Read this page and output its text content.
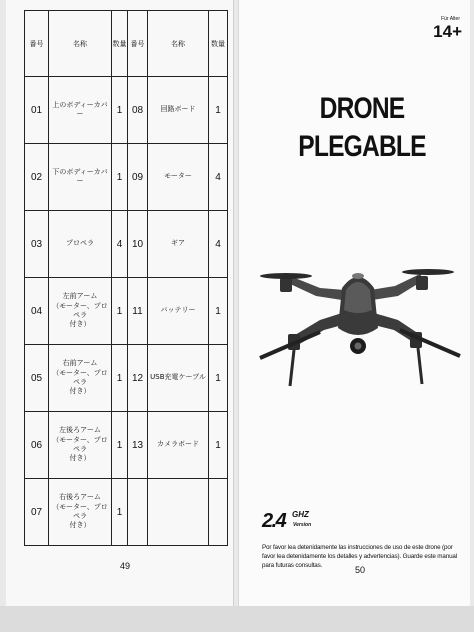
番号	名称	数量	番号	名称	数量
01	上のボディーカバー	1	08	回路ボード	1
02	下のボディーカバー	1	09	モーター	4
03	プロペラ	4	10	ギア	4
04	左前アーム
（モーター、プロペラ
付き）	1	11	バッテリー	1
05	右前アーム
（モーター、プロペラ
付き）	1	12	USB充電ケーブル	1
06	左後ろアーム
（モーター、プロペラ
付き）	1	13	カメラボード	1
07	右後ろアーム
（モーター、プロペラ
付き）	1			
49
Für Alter
14+
DRONE
PLEGABLE
2.4 GHZ
Version
Por favor lea detenidamente las instrucciones de uso de este drone (por favor lea detenidamente los detalles y advertencias). Guarde este manual para futuras consultas.	50
